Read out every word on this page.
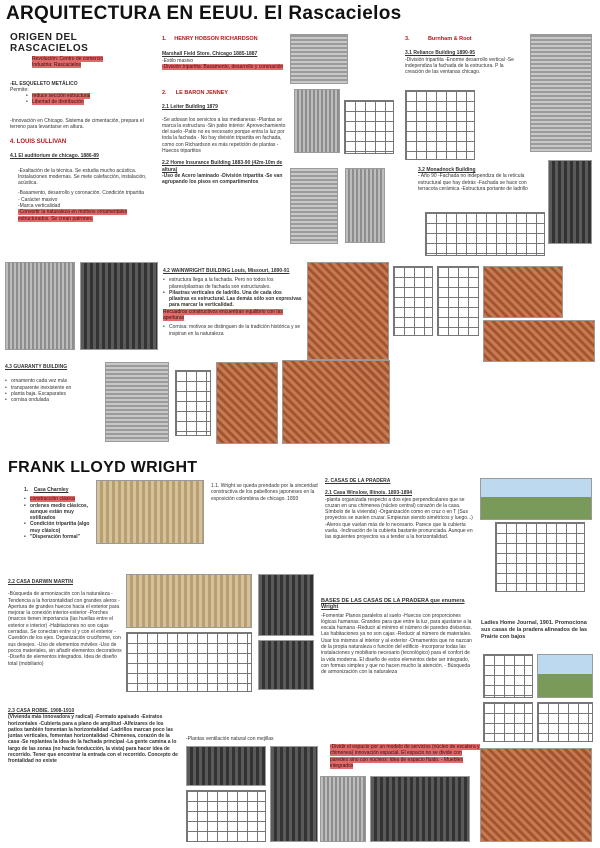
ARQUITECTURA EN EEUU. El Rascacielos
ORIGEN DEL RASCACIELOS
Revolución: Centro de comercio
Industria: Rascacielos
-EL ESQUELETO METÁLICO
Permite:
• reduce sección estructural
• Libertad de distribución
-Innovación en Chicago. Sistema de cimentación, prepara el terreno para levantarse en altura.
4. LOUIS SULLIVAN
4.1 El auditorium de chicago. 1886-89
-Exaltación de la técnica. Se estudia mucho acústica. Instalaciones modernas. Se mete calefacción, instalación, acústica.
-Basamento, desarrollo y coronación. Condición tripartita
- Carácter masivo
-Marca verticalidad
-Convertir la naturaleza en motivos ornamentales estructurados. Se crean patrones.
1. HENRY HOBSON RICHARDSON
Marshall Field Store. Chicago 1885-1887
-Estilo masivo
-División tripartita: Basamento, desarrollo y coronación
2. LE BARON JENNEY
2.1 Leiter Building 1879
-Se adosan los servicios a las medianeras -Plantas se marca la estructura -Sin patio interior: Aprovechamiento del suelo -Patio no es necesario porque entra la luz por toda la fachada - No hay división tripartita en fachada, como con Richardson es más repetición de plantas -Huecos tripartitos
2.2 Home Insurance Building 1883-90 (42m-10m de altura)
-Uso de Acero laminado -División tripartita -Se van agrupando los pisos en compartimentos
3.	Burnham & Root
3.1 Reliance Building 1890-95
-División tripartita -Enorme desarrollo vertical -Se independiza la fachada de la estructura. P la creación de las ventanas chicago.
3.2 Monadnock Building
- Año 90 -Fachada no independiza de la retícula estructural que hay detrás -Fachada se hace con terracota cerámica -Estructura portante de ladrillo
4.2 WAINWRIGHT BUILDING Louis, Missouri, 1890-91
• estructura llega a la fachada. Pero no todos los pilares/pilastras de fachada son estructurales.
• Pilastras verticales de ladrillo. Una de cada dos pilastras es estructural. Las demás sólo son expresivas para marcar la verticalidad.
Recuadros constructivos encuentran equilibrio con las aperturas
• Cornisa: motivos se distinguen de la tradición histórica y se inspiran en la naturaleza
4.3 GUARANTY BUILDING
• ornamento cada vez más
• transparente inexistente en
• planta baja. Escaparates
• cornisa ondulada
FRANK LLOYD WRIGHT
1. Casa Charnley
• construcción clásica
• ordenes medio clásicos, aunque están muy estilizados
• Condición tripartita (algo muy clásico)
• "Disperación formal"
1.1. Wright se queda prendado por la sinceridad constructiva de los pabellones japoneses en la exposición colombina de chicago. 1893
2. CASAS DE LA PRADERA
2.1 Casa Winslow, Illinois. 1893-1894
-planta organizada respecto a dos ejes perpendiculares que se cruzan en una chimenea (núcleo central) corazón de la casa. Símbolo de la vivienda) -Organización como en cruz o en T (Sus proyectos se suelen cruzar. Empiezan siendo simétricos y luego...) -Aleros que vuelan más de lo necesario. Parece que la cubierta vuela. -Inclinación de la cubierta bastante pronunciada. Aunque en las siguientes proyectos va a tender a la horizontalidad.
2.2 CASA DARWIN MARTIN
-Búsqueda de armonización con la naturaleza -Tendencia a la horizontalidad con grandes aleros -Apertura de grandes huecos hacia el exterior para mejorar la conexión interior-exterior -Porches (marcos tienen importancia (las huellas entre el exterior e interior) -Habitaciones no son cajas cerradas. Se conectan entre sí y con el exterior -Cuestión de los ejes. Organización cruciforme, con sus desejes. -Uso de elementos móviles -Uso de pocos materiales, sin añadir elementos decorativos -Diseño de elementos integrados. Idea de diseño total (mobiliario)
BASES DE LAS CASAS DE LA PRADERA que enumera Wright
-Fomentar Planos paralelos al suelo -Huecos con proporciones lógicas humanas. Grandes para que entre la luz, para ajustarse a la escala humana -Reducir al mínimo el número de paredes divisorias. Las habitaciones ya no son cajas -Reducir al número de materiales. Usar los mismos al interior y al exterior -Ornamentos que no nazcan de la propia naturaleza o función del edificio -Incorporar todas las instalaciones y mobiliario necesario (tecnológico) para el confort de la vida moderna. El diseño de estos elementos debe ser integrado, con formas simples y que no hacen mucho la atención. - Búsqueda de armonización con la naturaleza
Ladies Home Journal, 1901. Promociona sus casas de la pradera alineados de las Prairie con bajos
-Dividir el espacio por un modelo de servicios (núcleo de escalera y chimenea) innovación espacial. El espacio no se divide con paredes sino con núcleos: Idea de espacio fluido. - Muebles integrados
2.3 CASA ROBIE. 1908-1910
(Vivienda más innovadora y radical) -Formato apaisado -Estratos horizontales -Cubierta para a plano de amplitud -Alfeizares de los patios también fomentan la horizontalidad -Ladrillos marcan poco las juntas verticales, fomentan horizontalidad -Chimenea, corazón de la casa -Se replantea la idea de la fachada principal -La gente camina a lo largo de las zonas (no hacia fonducción, la vista) para hacer idea de recorrido. Tener que encontrar la entrada con el recorrido. Concepto de frontalidad no existe
-Plantas ventilación natural con mejillas
